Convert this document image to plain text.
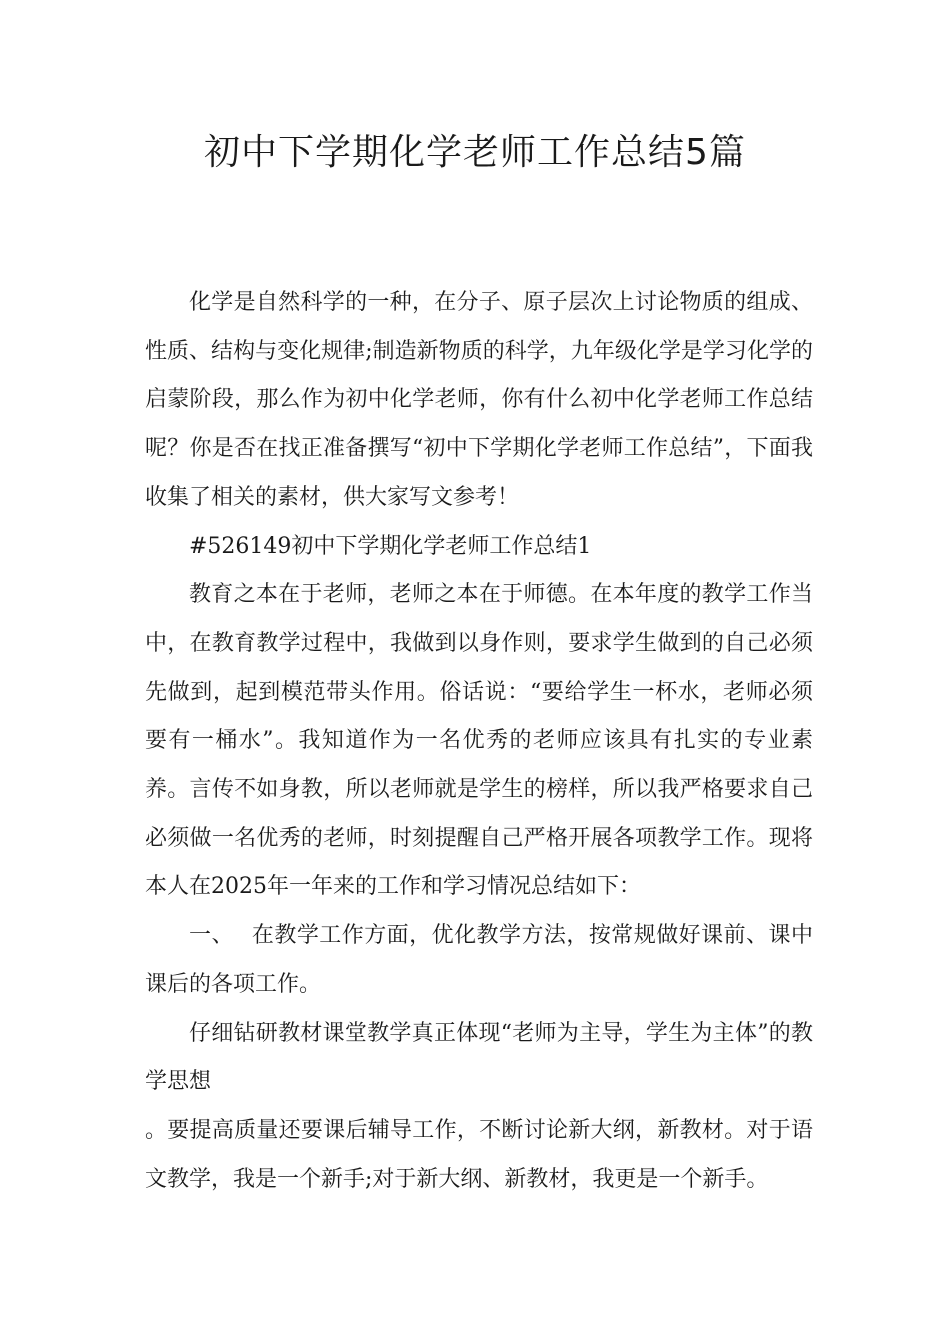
初中下学期化学老师工作总结5篇

化学是自然科学的一种，在分子、原子层次上讨论物质的组成、性质、结构与变化规律;制造新物质的科学，九年级化学是学习化学的启蒙阶段，那么作为初中化学老师，你有什么初中化学老师工作总结呢？你是否在找正准备撰写“初中下学期化学老师工作总结”，下面我收集了相关的素材，供大家写文参考！

#526149初中下学期化学老师工作总结1

教育之本在于老师，老师之本在于师德。在本年度的教学工作当中，在教育教学过程中，我做到以身作则，要求学生做到的自己必须先做到，起到模范带头作用。俗话说：“要给学生一杯水，老师必须要有一桶水”。我知道作为一名优秀的老师应该具有扎实的专业素养。言传不如身教，所以老师就是学生的榜样，所以我严格要求自己必须做一名优秀的老师，时刻提醒自己严格开展各项教学工作。现将本人在2025年一年来的工作和学习情况总结如下：

一、 在教学工作方面，优化教学方法，按常规做好课前、课中课后的各项工作。

仔细钻研教材课堂教学真正体现“老师为主导，学生为主体”的教学思想

。要提高质量还要课后辅导工作，不断讨论新大纲，新教材。对于语文教学，我是一个新手;对于新大纲、新教材，我更是一个新手。
